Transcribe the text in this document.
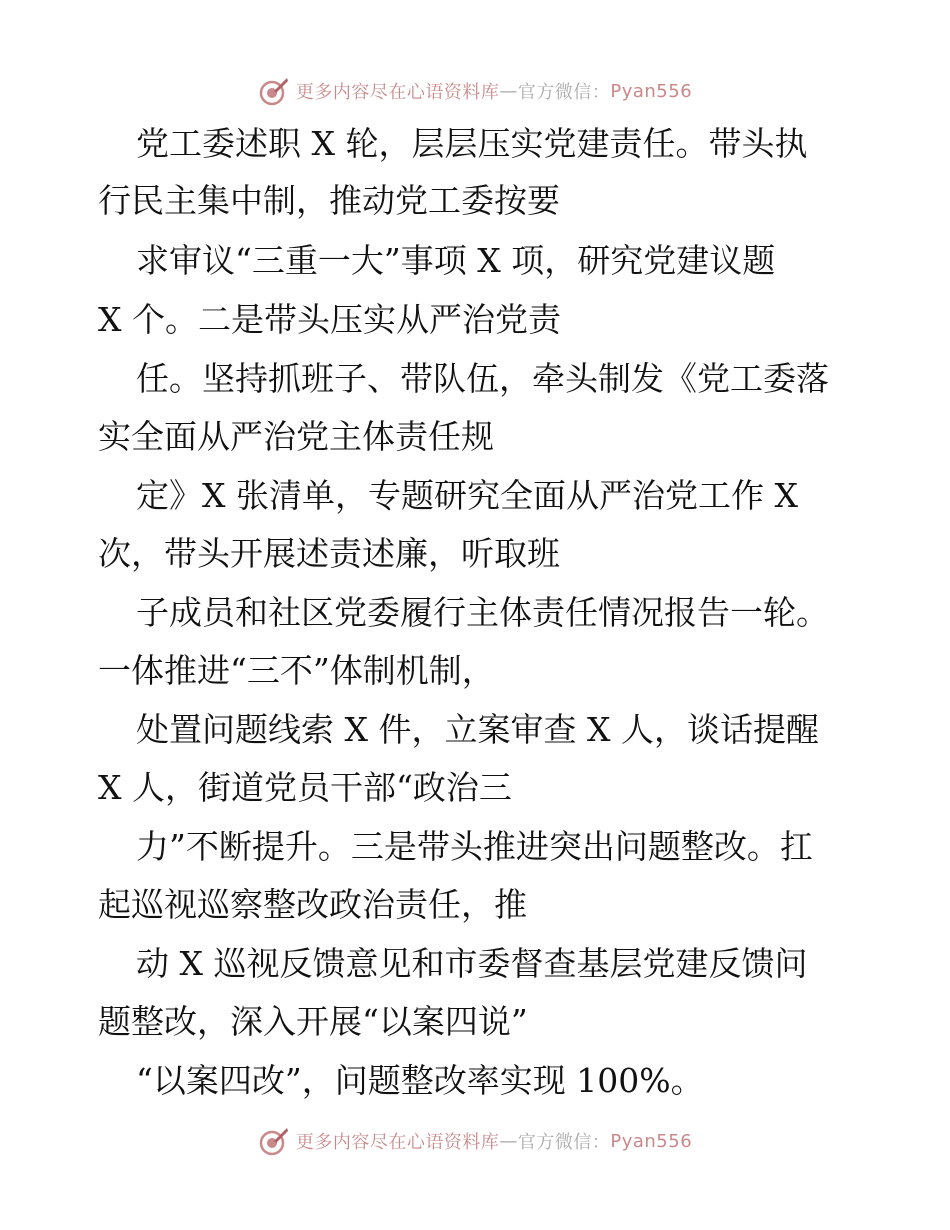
更多内容尽在心语资料库 — 官方微信： Pyan556
党工委述职 X 轮，层层压实党建责任。带头执
行民主集中制，推动党工委按要
求审议“三重一大”事项 X 项，研究党建议题
X 个。二是带头压实从严治党责
任。坚持抓班子、带队伍，牵头制发《党工委落
实全面从严治党主体责任规
定》X 张清单，专题研究全面从严治党工作 X
次，带头开展述责述廉，听取班
子成员和社区党委履行主体责任情况报告一轮。
一体推进“三不”体制机制，
处置问题线索 X 件，立案审查 X 人，谈话提醒
X 人，街道党员干部“政治三
力”不断提升。三是带头推进突出问题整改。扛
起巡视巡察整改政治责任，推
动 X 巡视反馈意见和市委督查基层党建反馈问
题整改，深入开展“以案四说”
“以案四改”，问题整改率实现 100%。
更多内容尽在心语资料库 — 官方微信： Pyan556
